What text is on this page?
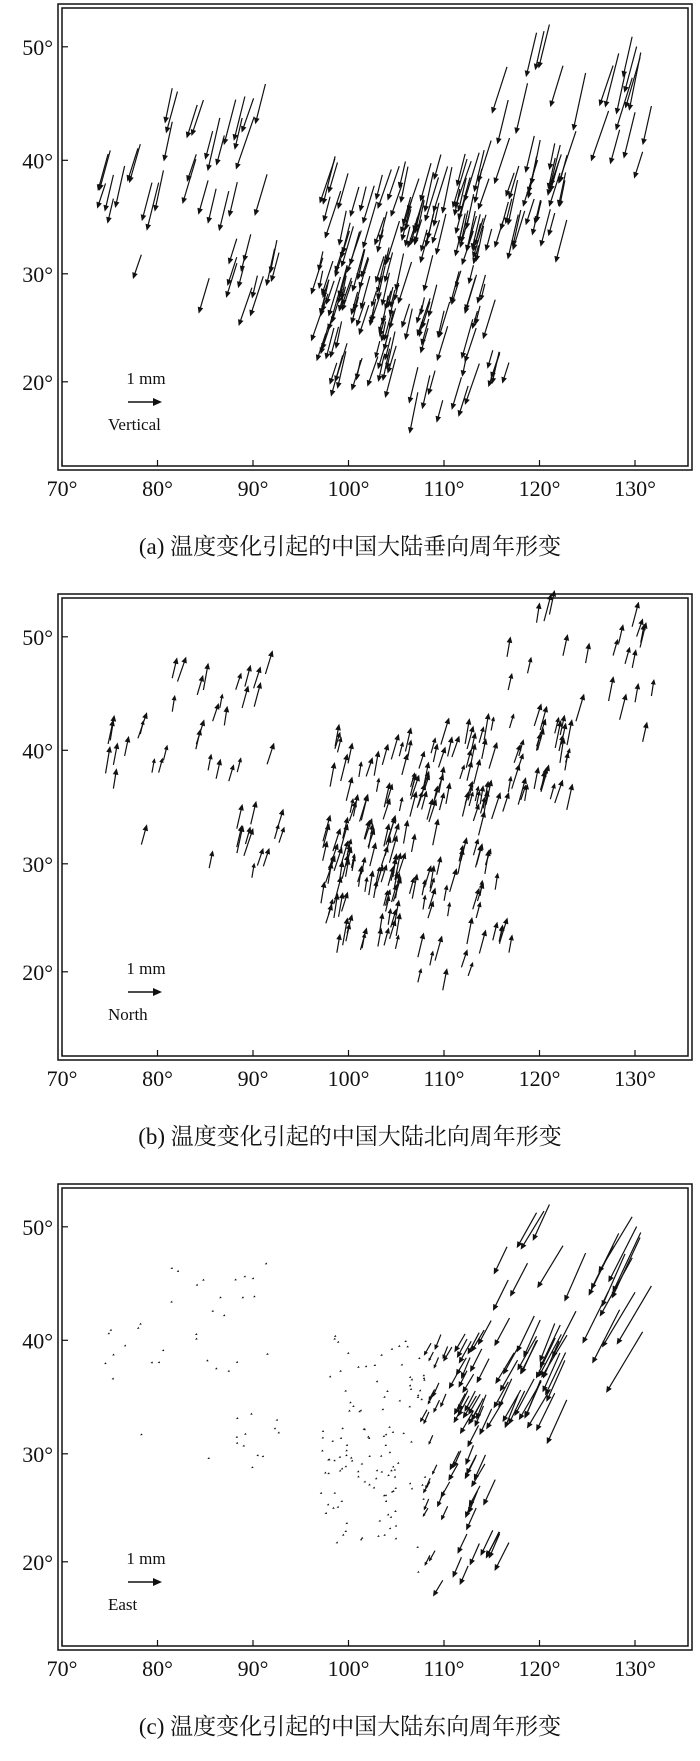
70°	80°	90°	100° 110° 120° 130°
20°
30°
40°
50°
1 mm
Vertical
(a) 温度变化引起的中国大陆垂向周年形变
70°	80°	90°	100° 110° 120° 130°
20°
30°
40°
50°
1 mm
North
(b) 温度变化引起的中国大陆北向周年形变
70°	80°	90°	100° 110° 120° 130°
20°
30°
40°
50°
1 mm
East
(c) 温度变化引起的中国大陆东向周年形变
